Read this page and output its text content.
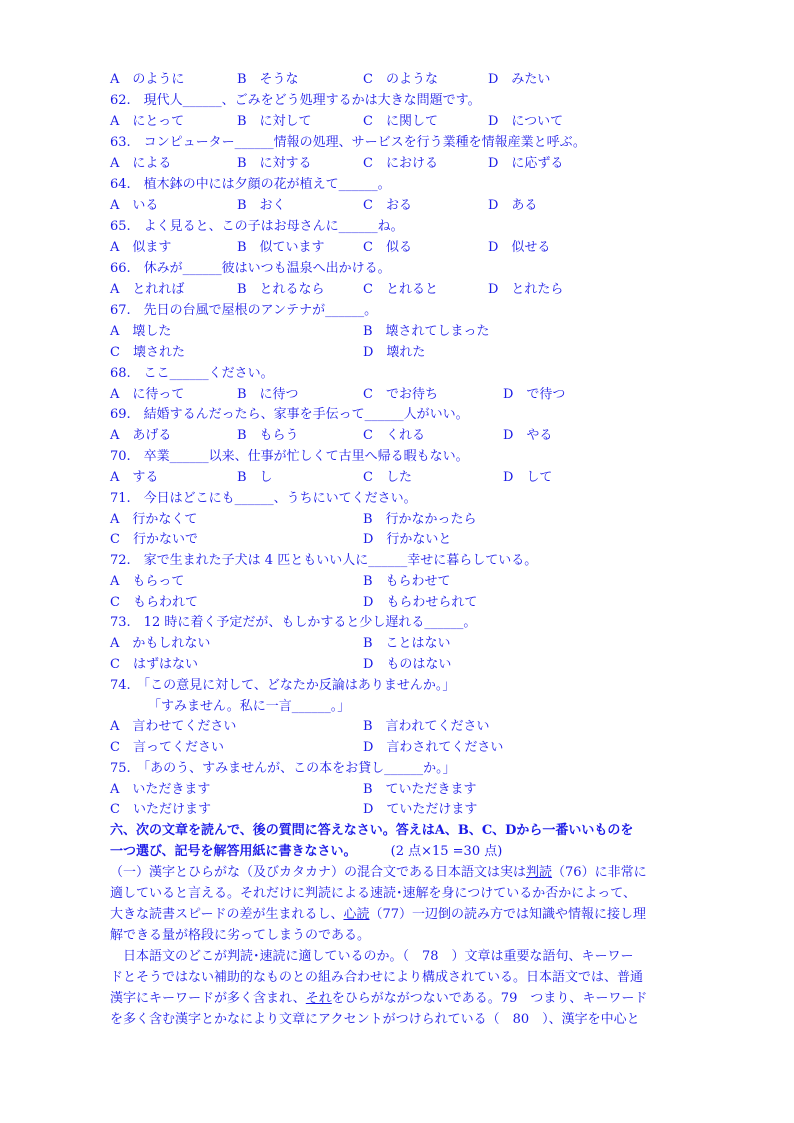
A　のように	B　そうな	C　のような	D　みたい
62.　現代人______、ごみをどう処理するかは大きな問題です。
A　にとって	B　に対して	C　に関して	D　について
63.　コンピューター______情報の処理、サービスを行う業種を情報産業と呼ぶ。
A　による	B　に対する	C　における	D　に応ずる
64.　植木鉢の中には夕顔の花が植えて______。
A　いる	B　おく	C　おる	D　ある
65.　よく見ると、この子はお母さんに______ね。
A　似ます	B　似ています	C　似る	D　似せる
66.　休みが______彼はいつも温泉へ出かける。
A　とれれば	B　とれるなら	C　とれると	D　とれたら
67.　先日の台風で屋根のアンテナが______。
A　壊した	B　壊されてしまった
C　壊された	D　壊れた
68.　ここ______ください。
A　に待って	B　に待つ	C　でお待ち	D　で待つ
69.　結婚するんだったら、家事を手伝って______人がいい。
A　あげる	B　もらう	C　くれる	D　やる
70.　卒業______以来、仕事が忙しくて古里へ帰る暇もない。
A　する	B　し	C　した	D　して
71.　今日はどこにも______、うちにいてください。
A　行かなくて	B　行かなかったら
C　行かないで	D　行かないと
72.　家で生まれた子犬は 4 匹ともいい人に______幸せに暮らしている。
A　もらって	B　もらわせて
C　もらわれて	D　もらわせられて
73.　12 時に着く予定だが、もしかすると少し遅れる______。
A　かもしれない	B　ことはない
C　はずはない	D　ものはない
74.　「この意見に対して、どなたか反論はありませんか。」
「すみません。私に一言______。」
A　言わせてください	B　言われてください
C　言ってください	D　言わされてください
75.　「あのう、すみませんが、この本をお貸し______か。」
A　いただきます	B　ていただきます
C　いただけます	D　ていただけます
六、次の文章を読んで、後の質問に答えなさい。答えはA、B、C、Dから一番いいものを
一つ選び、記号を解答用紙に書きなさい。	(2 点×15 =30 点)
（一）漢字とひらがな（及びカタカナ）の混合文である日本語文は実は判読（76）に非常に
適していると言える。それだけに判読による速読･速解を身につけているか否かによって、
大きな読書スピードの差が生まれるし、心読（77）一辺倒の読み方では知識や情報に接し理
解できる量が格段に劣ってしまうのである。
日本語文のどこが判読･速読に適しているのか。（　78　）文章は重要な語句、キーワー
ドとそうではない補助的なものとの組み合わせにより構成されている。日本語文では、普通
漢字にキーワードが多く含まれ、それをひらがながつないである。79　つまり、キーワード
を多く含む漢字とかなにより文章にアクセントがつけられている（　80　）、漢字を中心と
